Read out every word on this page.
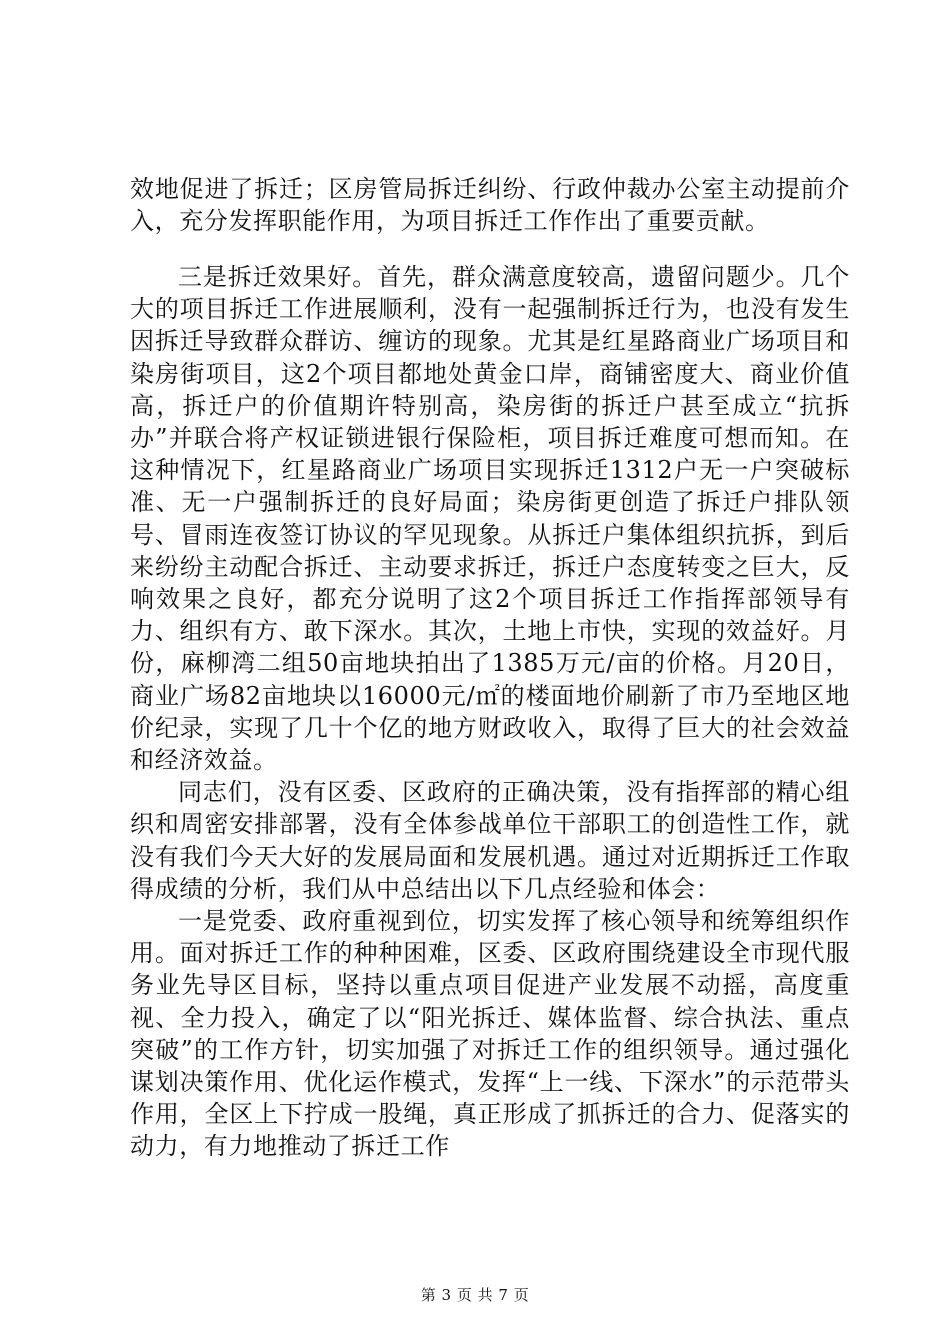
效地促进了拆迁；区房管局拆迁纠纷、行政仲裁办公室主动提前介入，充分发挥职能作用，为项目拆迁工作作出了重要贡献。

三是拆迁效果好。首先，群众满意度较高，遗留问题少。几个大的项目拆迁工作进展顺利，没有一起强制拆迁行为，也没有发生因拆迁导致群众群访、缠访的现象。尤其是红星路商业广场项目和染房街项目，这2个项目都地处黄金口岸，商铺密度大、商业价值高，拆迁户的价值期许特别高，染房街的拆迁户甚至成立“抗拆办”并联合将产权证锁进银行保险柜，项目拆迁难度可想而知。在这种情况下，红星路商业广场项目实现拆迁1312户无一户突破标准、无一户强制拆迁的良好局面；染房街更创造了拆迁户排队领号、冒雨连夜签订协议的罕见现象。从拆迁户集体组织抗拆，到后来纷纷主动配合拆迁、主动要求拆迁，拆迁户态度转变之巨大，反响效果之良好，都充分说明了这2个项目拆迁工作指挥部领导有力、组织有方、敢下深水。其次，土地上市快，实现的效益好。月份，麻柳湾二组50亩地块拍出了1385万元/亩的价格。月20日，商业广场82亩地块以16000元/㎡的楼面地价刷新了市乃至地区地价纪录，实现了几十个亿的地方财政收入，取得了巨大的社会效益和经济效益。

同志们，没有区委、区政府的正确决策，没有指挥部的精心组织和周密安排部署，没有全体参战单位干部职工的创造性工作，就没有我们今天大好的发展局面和发展机遇。通过对近期拆迁工作取得成绩的分析，我们从中总结出以下几点经验和体会：

一是党委、政府重视到位，切实发挥了核心领导和统筹组织作用。面对拆迁工作的种种困难，区委、区政府围绕建设全市现代服务业先导区目标，坚持以重点项目促进产业发展不动摇，高度重视、全力投入，确定了以“阳光拆迁、媒体监督、综合执法、重点突破”的工作方针，切实加强了对拆迁工作的组织领导。通过强化谋划决策作用、优化运作模式，发挥“上一线、下深水”的示范带头作用，全区上下拧成一股绳，真正形成了抓拆迁的合力、促落实的动力，有力地推动了拆迁工作

第 3 页 共 7 页
